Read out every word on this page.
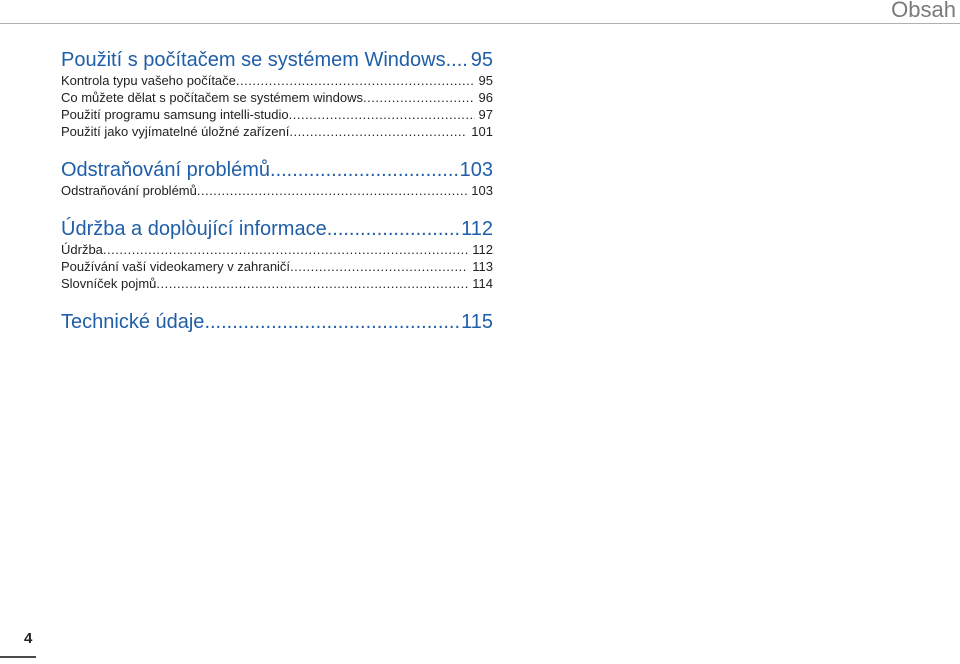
Obsah
Použití s počítačem se systémem Windows ..... 95
Kontrola typu vašeho počítače .....	95
Co můžete dělat s počítačem se systémem windows .....	96
Použití programu samsung intelli-studio .....	97
Použití jako vyjímatelné úložné zařízení .....	101
Odstraňování problémů .....	103
Odstraňování problémů .....	103
Údržba a doplòující informace .....	112
Údržba .....	112
Používání vaší videokamery v zahraničí .....	113
Slovníček pojmů .....	114
Technické údaje .....	115
4
